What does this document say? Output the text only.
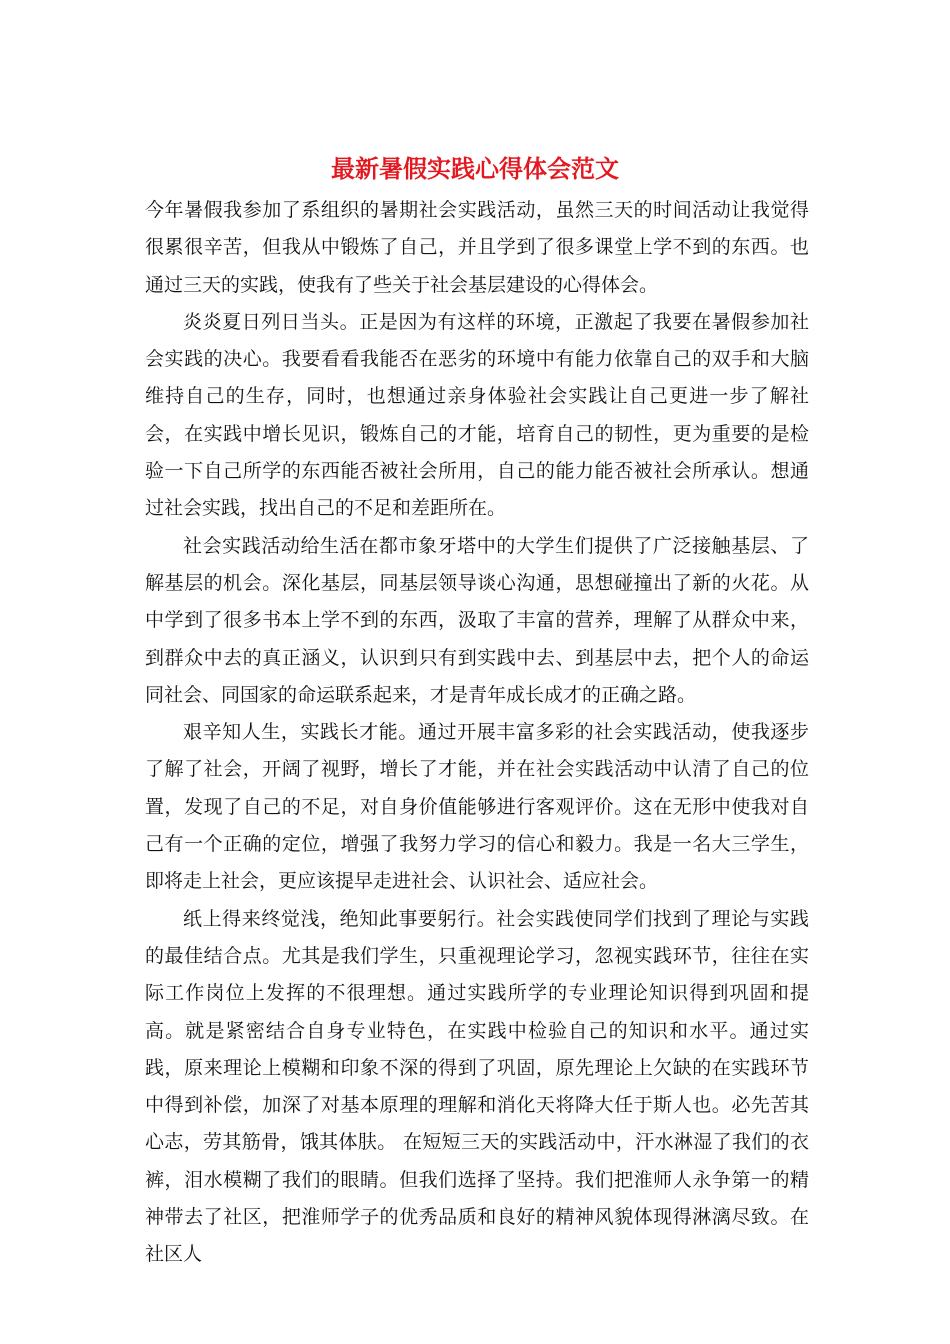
最新暑假实践心得体会范文

今年暑假我参加了系组织的暑期社会实践活动，虽然三天的时间活动让我觉得很累很辛苦，但我从中锻炼了自己，并且学到了很多课堂上学不到的东西。也通过三天的实践，使我有了些关于社会基层建设的心得体会。

炎炎夏日列日当头。正是因为有这样的环境，正激起了我要在暑假参加社会实践的决心。我要看看我能否在恶劣的环境中有能力依靠自己的双手和大脑维持自己的生存，同时，也想通过亲身体验社会实践让自己更进一步了解社会，在实践中增长见识，锻炼自己的才能，培育自己的韧性，更为重要的是检验一下自己所学的东西能否被社会所用，自己的能力能否被社会所承认。想通过社会实践，找出自己的不足和差距所在。

社会实践活动给生活在都市象牙塔中的大学生们提供了广泛接触基层、了解基层的机会。深化基层，同基层领导谈心沟通，思想碰撞出了新的火花。从中学到了很多书本上学不到的东西，汲取了丰富的营养，理解了从群众中来，到群众中去的真正涵义，认识到只有到实践中去、到基层中去，把个人的命运同社会、同国家的命运联系起来，才是青年成长成才的正确之路。

艰辛知人生，实践长才能。通过开展丰富多彩的社会实践活动，使我逐步了解了社会，开阔了视野，增长了才能，并在社会实践活动中认清了自己的位置，发现了自己的不足，对自身价值能够进行客观评价。这在无形中使我对自己有一个正确的定位，增强了我努力学习的信心和毅力。我是一名大三学生，即将走上社会，更应该提早走进社会、认识社会、适应社会。

纸上得来终觉浅，绝知此事要躬行。社会实践使同学们找到了理论与实践的最佳结合点。尤其是我们学生，只重视理论学习，忽视实践环节，往往在实际工作岗位上发挥的不很理想。通过实践所学的专业理论知识得到巩固和提高。就是紧密结合自身专业特色，在实践中检验自己的知识和水平。通过实践，原来理论上模糊和印象不深的得到了巩固，原先理论上欠缺的在实践环节中得到补偿，加深了对基本原理的理解和消化天将降大任于斯人也。必先苦其心志，劳其筋骨，饿其体肤。 在短短三天的实践活动中，汗水淋湿了我们的衣裤，泪水模糊了我们的眼睛。但我们选择了坚持。我们把淮师人永争第一的精神带去了社区，把淮师学子的优秀品质和良好的精神风貌体现得淋漓尽致。在社区人
